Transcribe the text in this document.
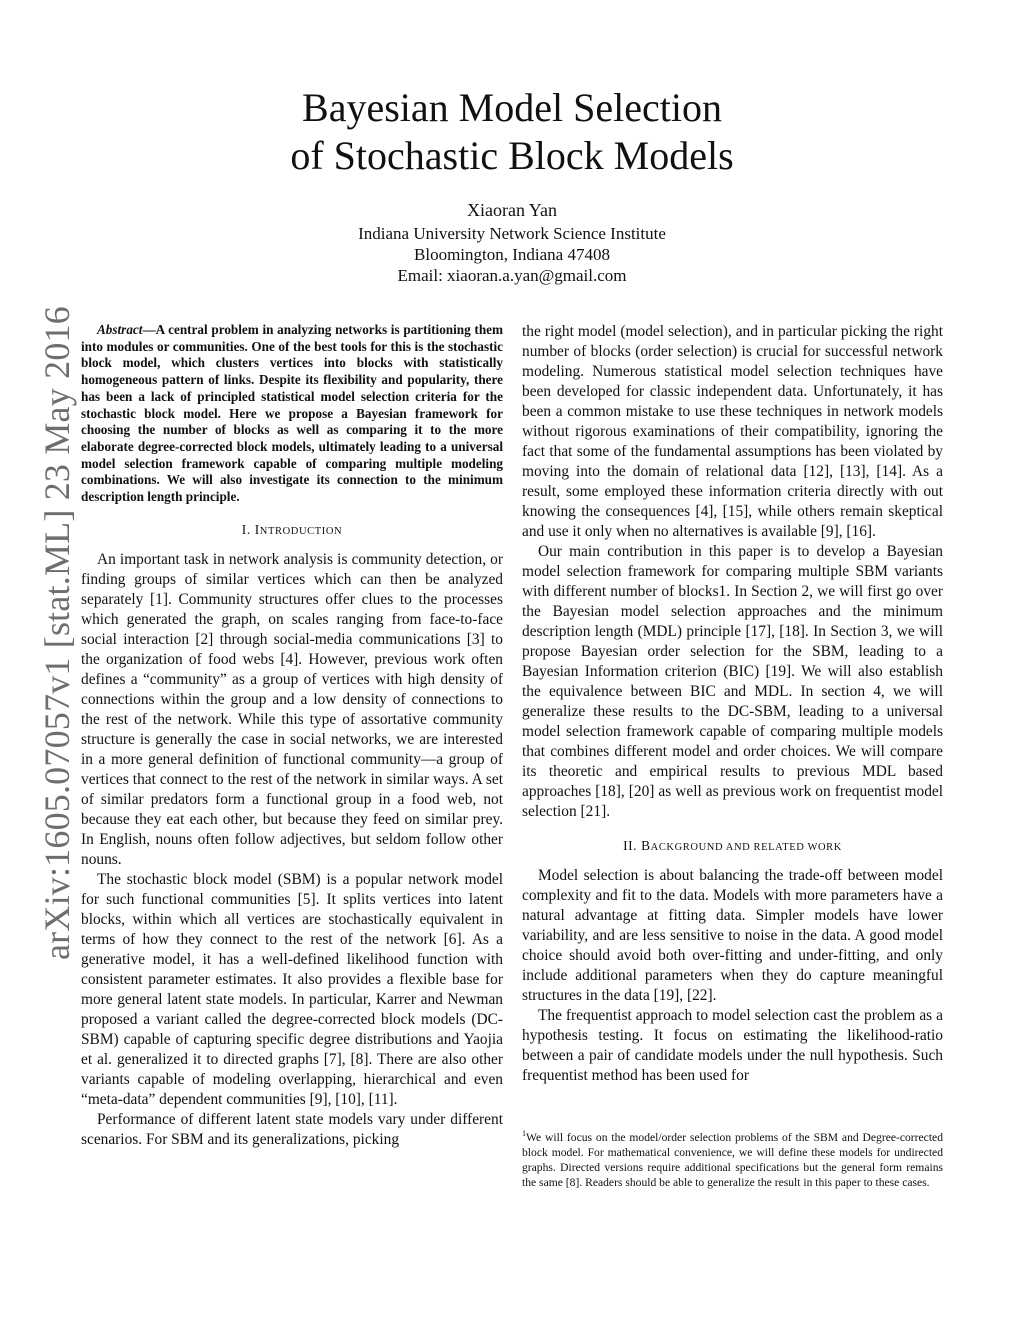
arXiv:1605.07057v1 [stat.ML] 23 May 2016
Bayesian Model Selection
of Stochastic Block Models
Xiaoran Yan
Indiana University Network Science Institute
Bloomington, Indiana 47408
Email: xiaoran.a.yan@gmail.com

Abstract—A central problem in analyzing networks is partitioning them into modules or communities. One of the best tools for this is the stochastic block model, which clusters vertices into blocks with statistically homogeneous pattern of links. Despite its flexibility and popularity, there has been a lack of principled statistical model selection criteria for the stochastic block model. Here we propose a Bayesian framework for choosing the number of blocks as well as comparing it to the more elaborate degree-corrected block models, ultimately leading to a universal model selection framework capable of comparing multiple modeling combinations. We will also investigate its connection to the minimum description length principle.

I. INTRODUCTION

An important task in network analysis is community detection, or finding groups of similar vertices which can then be analyzed separately [1]. Community structures offer clues to the processes which generated the graph, on scales ranging from face-to-face social interaction [2] through social-media communications [3] to the organization of food webs [4]. However, previous work often defines a “community” as a group of vertices with high density of connections within the group and a low density of connections to the rest of the network. While this type of assortative community structure is generally the case in social networks, we are interested in a more general definition of functional community—a group of vertices that connect to the rest of the network in similar ways. A set of similar predators form a functional group in a food web, not because they eat each other, but because they feed on similar prey. In English, nouns often follow adjectives, but seldom follow other nouns.

The stochastic block model (SBM) is a popular network model for such functional communities [5]. It splits vertices into latent blocks, within which all vertices are stochastically equivalent in terms of how they connect to the rest of the network [6]. As a generative model, it has a well-defined likelihood function with consistent parameter estimates. It also provides a flexible base for more general latent state models. In particular, Karrer and Newman proposed a variant called the degree-corrected block models (DC-SBM) capable of capturing specific degree distributions and Yaojia et al. generalized it to directed graphs [7], [8]. There are also other variants capable of modeling overlapping, hierarchical and even “meta-data” dependent communities [9], [10], [11].

Performance of different latent state models vary under different scenarios. For SBM and its generalizations, picking

the right model (model selection), and in particular picking the right number of blocks (order selection) is crucial for successful network modeling. Numerous statistical model selection techniques have been developed for classic independent data. Unfortunately, it has been a common mistake to use these techniques in network models without rigorous examinations of their compatibility, ignoring the fact that some of the fundamental assumptions has been violated by moving into the domain of relational data [12], [13], [14]. As a result, some employed these information criteria directly with out knowing the consequences [4], [15], while others remain skeptical and use it only when no alternatives is available [9], [16].

Our main contribution in this paper is to develop a Bayesian model selection framework for comparing multiple SBM variants with different number of blocks1. In Section 2, we will first go over the Bayesian model selection approaches and the minimum description length (MDL) principle [17], [18]. In Section 3, we will propose Bayesian order selection for the SBM, leading to a Bayesian Information criterion (BIC) [19]. We will also establish the equivalence between BIC and MDL. In section 4, we will generalize these results to the DC-SBM, leading to a universal model selection framework capable of comparing multiple models that combines different model and order choices. We will compare its theoretic and empirical results to previous MDL based approaches [18], [20] as well as previous work on frequentist model selection [21].

II. BACKGROUND AND RELATED WORK

Model selection is about balancing the trade-off between model complexity and fit to the data. Models with more parameters have a natural advantage at fitting data. Simpler models have lower variability, and are less sensitive to noise in the data. A good model choice should avoid both over-fitting and under-fitting, and only include additional parameters when they do capture meaningful structures in the data [19], [22].

The frequentist approach to model selection cast the problem as a hypothesis testing. It focus on estimating the likelihood-ratio between a pair of candidate models under the null hypothesis. Such frequentist method has been used for

$^1$We will focus on the model/order selection problems of the SBM and Degree-corrected block model. For mathematical convenience, we will define these models for undirected graphs. Directed versions require additional specifications but the general form remains the same [8]. Readers should be able to generalize the result in this paper to these cases.
